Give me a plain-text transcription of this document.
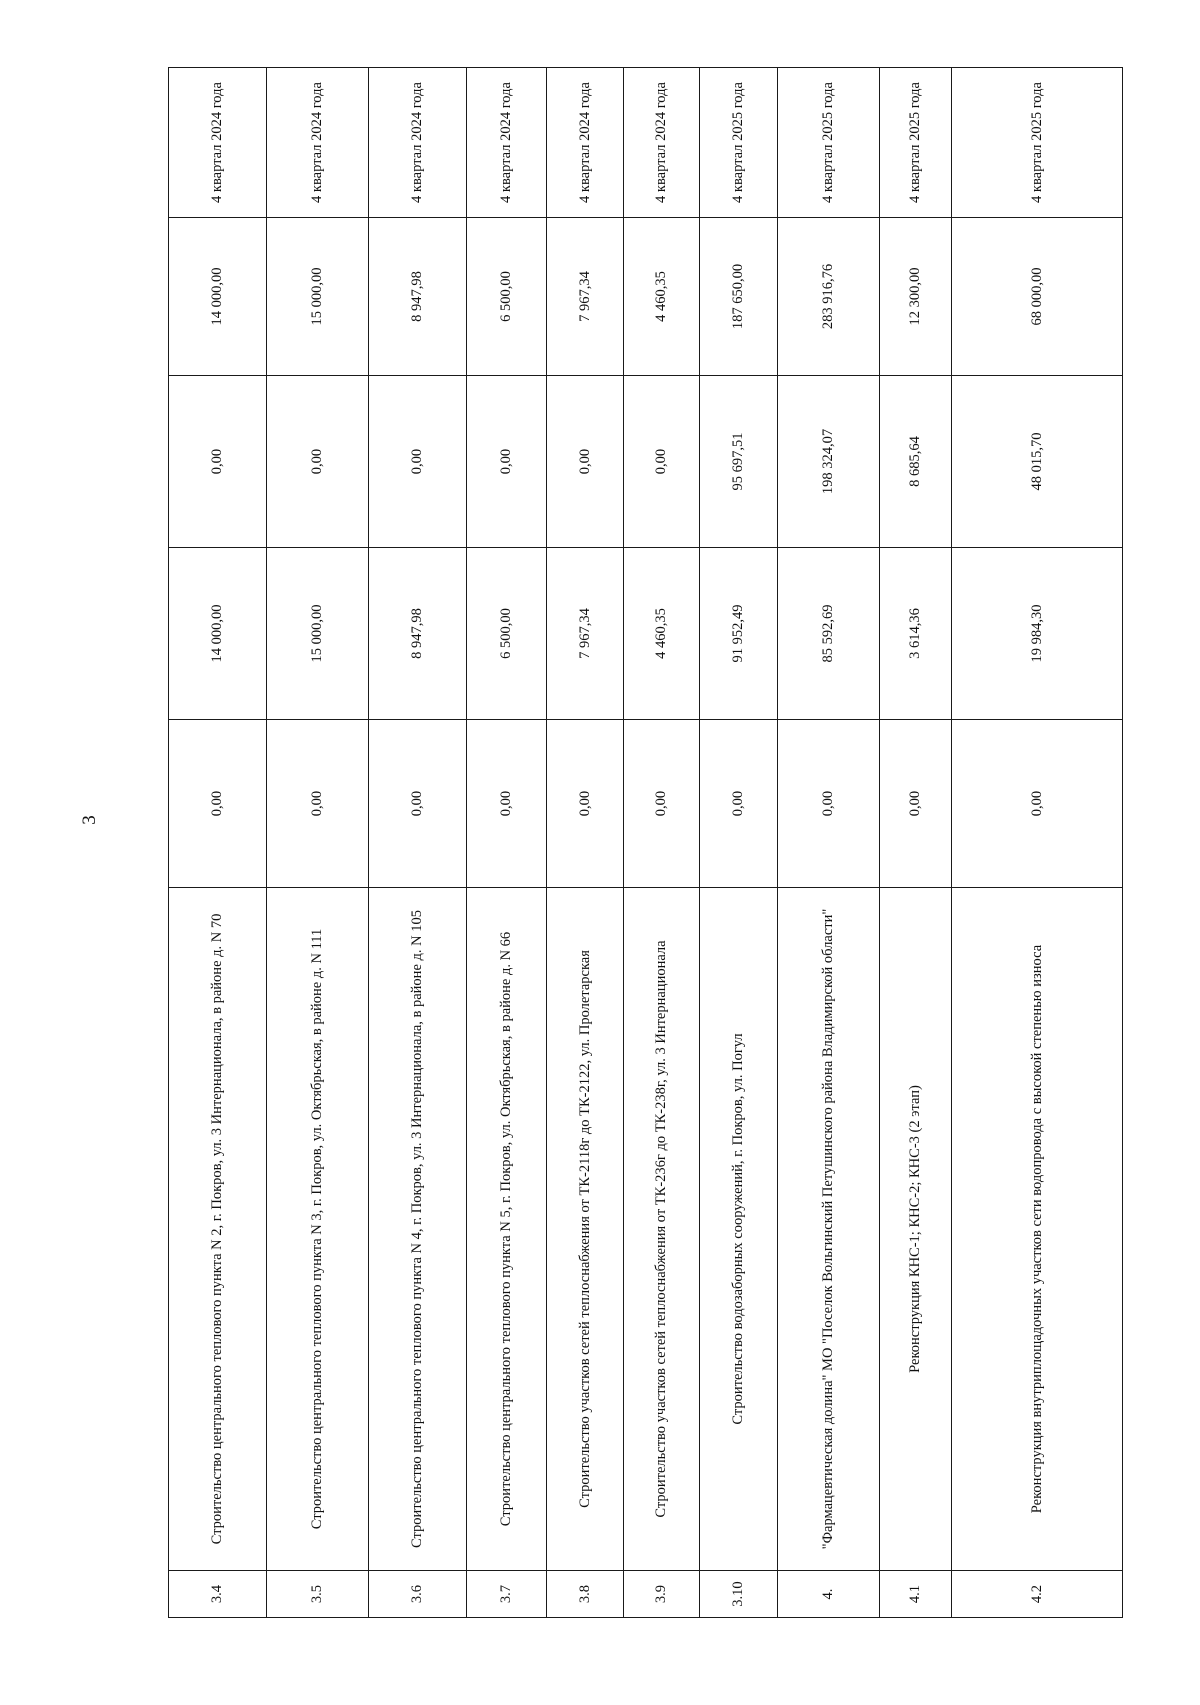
3
3.4	Строительство центрального теплового пункта N 2, г. Покров, ул. 3 Интернационала, в районе д. N 70	0,00	14 000,00	0,00	14 000,00	4 квартал 2024 года
3.5	Строительство центрального теплового пункта N 3, г. Покров, ул. Октябрьская, в районе д. N 111	0,00	15 000,00	0,00	15 000,00	4 квартал 2024 года
3.6	Строительство центрального теплового пункта N 4, г. Покров, ул. 3 Интернационала, в районе д. N 105	0,00	8 947,98	0,00	8 947,98	4 квартал 2024 года
3.7	Строительство центрального теплового пункта N 5, г. Покров, ул. Октябрьская, в районе д. N 66	0,00	6 500,00	0,00	6 500,00	4 квартал 2024 года
3.8	Строительство участков сетей теплоснабжения от ТК-2118г до ТК-2122, ул. Пролетарская	0,00	7 967,34	0,00	7 967,34	4 квартал 2024 года
3.9	Строительство участков сетей теплоснабжения от ТК-236г до ТК-238г, ул. 3 Интернационала	0,00	4 460,35	0,00	4 460,35	4 квартал 2024 года
3.10	Строительство водозаборных сооружений, г. Покров, ул. Погул	0,00	91 952,49	95 697,51	187 650,00	4 квартал 2025 года
4.	"Фармацевтическая долина" МО "Поселок Вольгинский Петушинского района Владимирской области"	0,00	85 592,69	198 324,07	283 916,76	4 квартал 2025 года
4.1	Реконструкция КНС-1; КНС-2; КНС-3 (2 этап)	0,00	3 614,36	8 685,64	12 300,00	4 квартал 2025 года
4.2	Реконструкция внутриплощадочных участков сети водопровода с высокой степенью износа	0,00	19 984,30	48 015,70	68 000,00	4 квартал 2025 года
